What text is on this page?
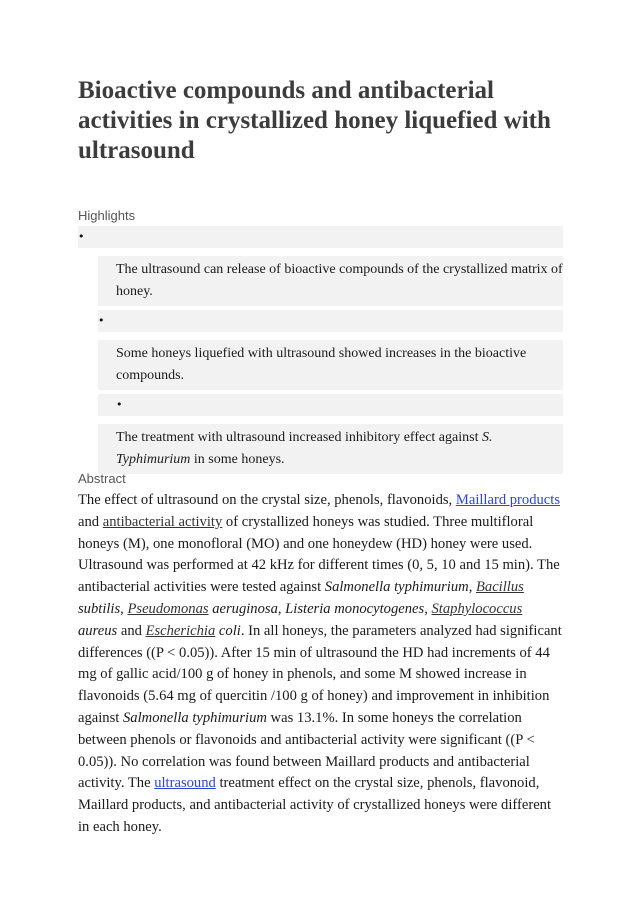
Bioactive compounds and antibacterial activities in crystallized honey liquefied with ultrasound
Highlights
•
The ultrasound can release of bioactive compounds of the crystallized matrix of honey.
•
Some honeys liquefied with ultrasound showed increases in the bioactive compounds.
•
The treatment with ultrasound increased inhibitory effect against S. Typhimurium in some honeys.
Abstract

The effect of ultrasound on the crystal size, phenols, flavonoids, Maillard products and antibacterial activity of crystallized honeys was studied. Three multifloral honeys (M), one monofloral (MO) and one honeydew (HD) honey were used. Ultrasound was performed at 42 kHz for different times (0, 5, 10 and 15 min). The antibacterial activities were tested against Salmonella typhimurium, Bacillus subtilis, Pseudomonas aeruginosa, Listeria monocytogenes, Staphylococcus aureus and Escherichia coli. In all honeys, the parameters analyzed had significant differences ((P < 0.05)). After 15 min of ultrasound the HD had increments of 44 mg of gallic acid/100 g of honey in phenols, and some M showed increase in flavonoids (5.64 mg of quercitin /100 g of honey) and improvement in inhibition against Salmonella typhimurium was 13.1%. In some honeys the correlation between phenols or flavonoids and antibacterial activity were significant ((P < 0.05)). No correlation was found between Maillard products and antibacterial activity. The ultrasound treatment effect on the crystal size, phenols, flavonoid, Maillard products, and antibacterial activity of crystallized honeys were different in each honey.
